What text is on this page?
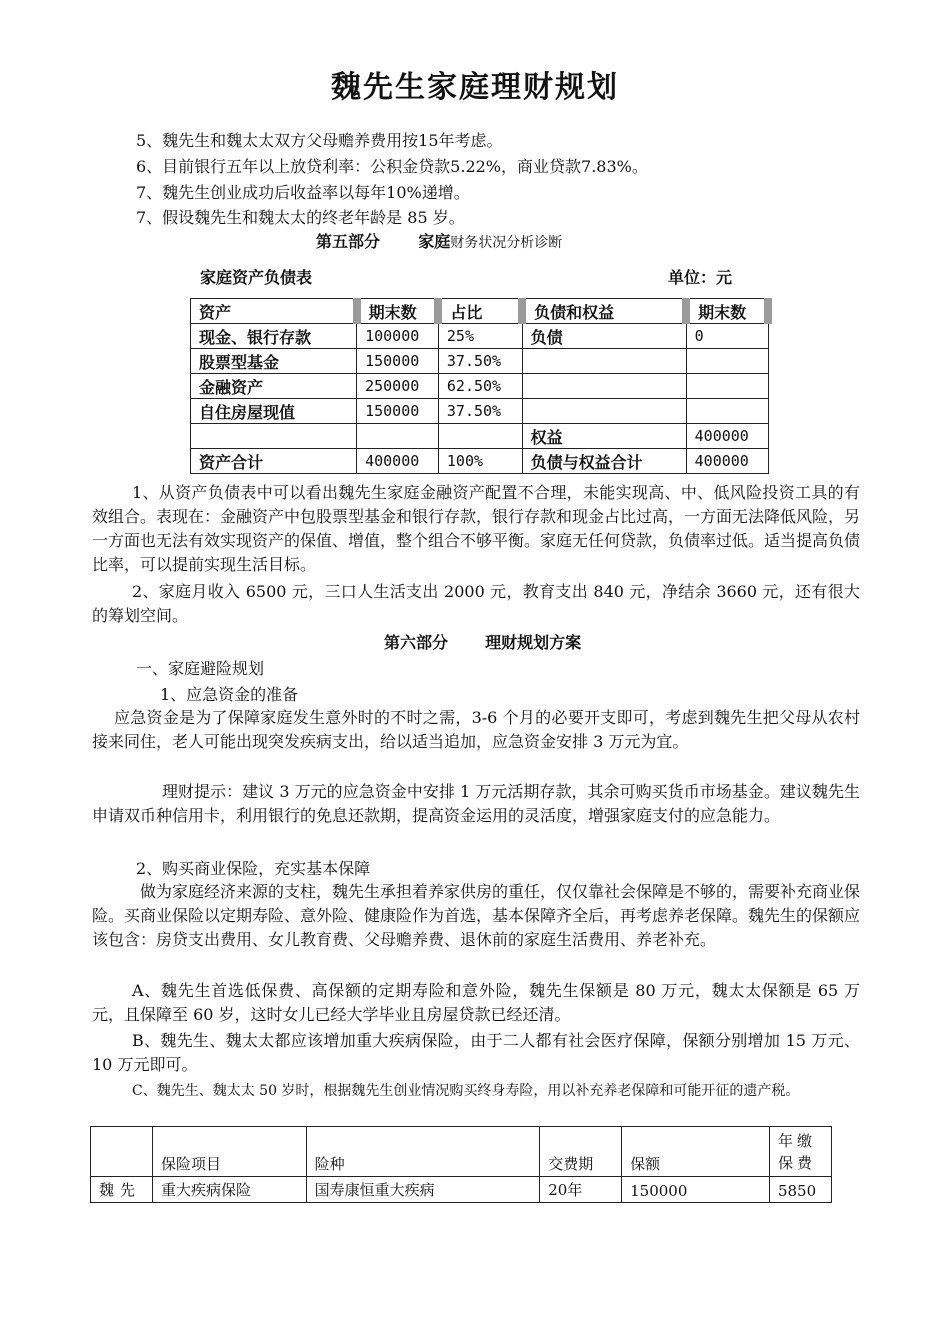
魏先生家庭理财规划
5、魏先生和魏太太双方父母赡养费用按15年考虑。
6、目前银行五年以上放贷利率：公积金贷款5.22%，商业贷款7.83%。
7、魏先生创业成功后收益率以每年10%递增。
7、假设魏先生和魏太太的终老年龄是 85 岁。
第五部分 家庭财务状况分析诊断
家庭资产负债表	单位：元
资产	期末数	占比	负债和权益	期末数
现金、银行存款	100000	25%	负债	0
股票型基金	150000	37.50%		
金融资产	250000	62.50%		
自住房屋现值	150000	37.50%		
			权益	400000
资产合计	400000	100%	负债与权益合计	400000
1、从资产负债表中可以看出魏先生家庭金融资产配置不合理，未能实现高、中、低风险投资工具的有效组合。表现在：金融资产中包股票型基金和银行存款，银行存款和现金占比过高，一方面无法降低风险，另一方面也无法有效实现资产的保值、增值，整个组合不够平衡。家庭无任何贷款，负债率过低。适当提高负债比率，可以提前实现生活目标。
2、家庭月收入 6500 元，三口人生活支出 2000 元，教育支出 840 元，净结余 3660 元，还有很大的筹划空间。
第六部分 理财规划方案
一、家庭避险规划
1、应急资金的准备
应急资金是为了保障家庭发生意外时的不时之需，3-6 个月的必要开支即可，考虑到魏先生把父母从农村接来同住，老人可能出现突发疾病支出，给以适当追加，应急资金安排 3 万元为宜。
理财提示：建议 3 万元的应急资金中安排 1 万元活期存款，其余可购买货币市场基金。建议魏先生申请双币种信用卡，利用银行的免息还款期，提高资金运用的灵活度，增强家庭支付的应急能力。
2、购买商业保险，充实基本保障
做为家庭经济来源的支柱，魏先生承担着养家供房的重任，仅仅靠社会保障是不够的，需要补充商业保险。买商业保险以定期寿险、意外险、健康险作为首选，基本保障齐全后，再考虑养老保障。魏先生的保额应该包含：房贷支出费用、女儿教育费、父母赡养费、退休前的家庭生活费用、养老补充。
A、魏先生首选低保费、高保额的定期寿险和意外险，魏先生保额是 80 万元，魏太太保额是 65 万元，且保障至 60 岁，这时女儿已经大学毕业且房屋贷款已经还清。
B、魏先生、魏太太都应该增加重大疾病保险，由于二人都有社会医疗保障，保额分别增加 15 万元、10 万元即可。
C、魏先生、魏太太 50 岁时，根据魏先生创业情况购买终身寿险，用以补充养老保障和可能开征的遗产税。
	保险项目	险种	交费期	保额	年缴保费
魏先	重大疾病保险	国寿康恒重大疾病	20年	150000	5850
